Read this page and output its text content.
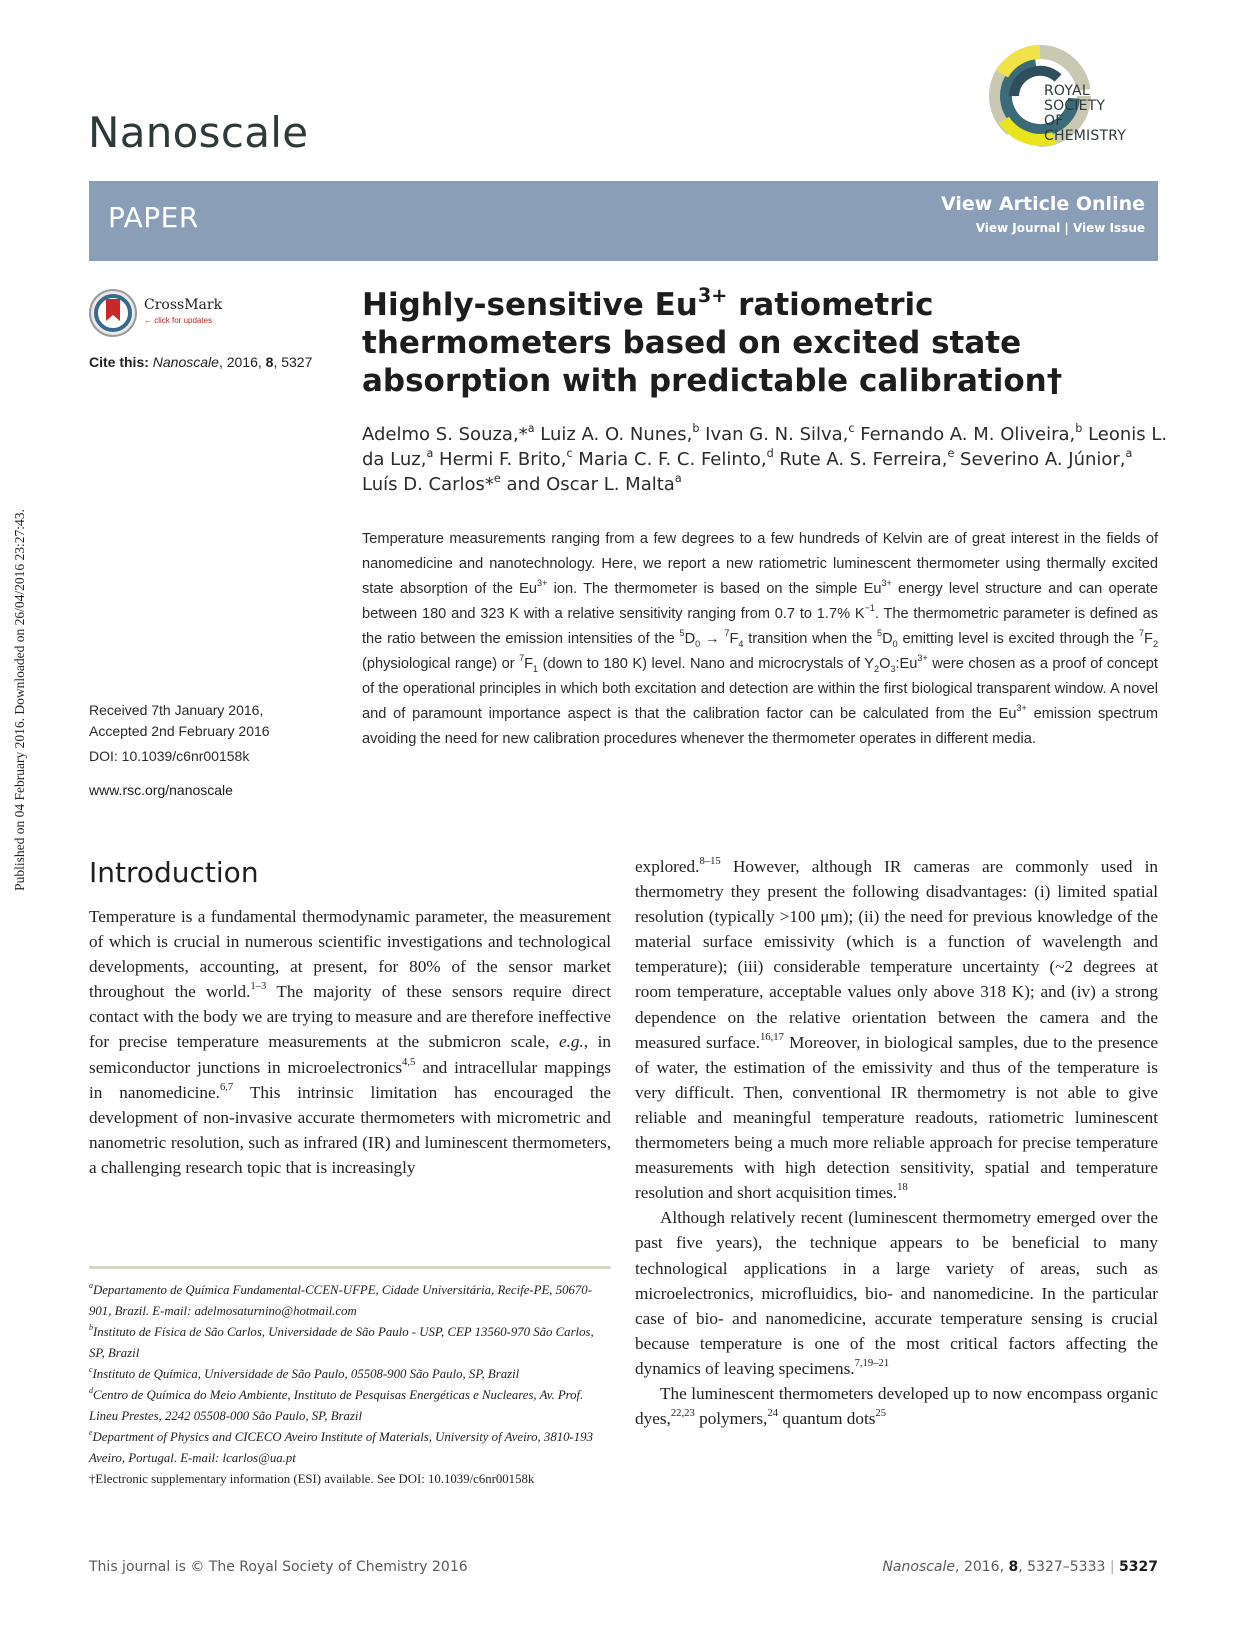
Published on 04 February 2016. Downloaded on 26/04/2016 23:27:43.
Nanoscale
ROYAL SOCIETY OF CHEMISTRY
PAPER	View Article Online
View Journal | View Issue
CrossMark
← click for updates
Cite this: Nanoscale, 2016, 8, 5327
Highly-sensitive $Eu^{3+}$ ratiometric thermometers based on excited state absorption with predictable calibration†
Adelmo S. Souza,*$^a$ Luiz A. O. Nunes,$^b$ Ivan G. N. Silva,$^c$ Fernando A. M. Oliveira,$^b$ Leonis L. da Luz,$^a$ Hermi F. Brito,$^c$ Maria C. F. C. Felinto,$^d$ Rute A. S. Ferreira,$^e$ Severino A. Júnior,$^a$ Luís D. Carlos*$^e$ and Oscar L. Malta$^a$
Temperature measurements ranging from a few degrees to a few hundreds of Kelvin are of great interest in the fields of nanomedicine and nanotechnology. Here, we report a new ratiometric luminescent thermometer using thermally excited state absorption of the $Eu^{3+}$ ion. The thermometer is based on the simple $Eu^{3+}$ energy level structure and can operate between 180 and 323 K with a relative sensitivity ranging from 0.7 to 1.7% $K^{-1}$. The thermometric parameter is defined as the ratio between the emission intensities of the $^5D_0 \to ^7F_4$ transition when the $^5D_0$ emitting level is excited through the $^7F_2$ (physiological range) or $^7F_1$ (down to 180 K) level. Nano and microcrystals of $Y_2O_3:Eu^{3+}$ were chosen as a proof of concept of the operational principles in which both excitation and detection are within the first biological transparent window. A novel and of paramount importance aspect is that the calibration factor can be calculated from the $Eu^{3+}$ emission spectrum avoiding the need for new calibration procedures whenever the thermometer operates in different media.
Received 7th January 2016,
Accepted 2nd February 2016
DOI: 10.1039/c6nr00158k
www.rsc.org/nanoscale
Introduction

Temperature is a fundamental thermodynamic parameter, the measurement of which is crucial in numerous scientific investigations and technological developments, accounting, at present, for 80% of the sensor market throughout the world.$^{1-3}$ The majority of these sensors require direct contact with the body we are trying to measure and are therefore ineffective for precise temperature measurements at the submicron scale, e.g., in semiconductor junctions in microelectronics$^{4,5}$ and intracellular mappings in nanomedicine.$^{6,7}$ This intrinsic limitation has encouraged the development of non-invasive accurate thermometers with micrometric and nanometric resolution, such as infrared (IR) and luminescent thermometers, a challenging research topic that is increasingly

$^a$Departamento de Química Fundamental-CCEN-UFPE, Cidade Universitária, Recife-PE, 50670-901, Brazil. E-mail: adelmosaturnino@hotmail.com

$^b$Instituto de Física de São Carlos, Universidade de São Paulo - USP, CEP 13560-970 São Carlos, SP, Brazil

$^c$Instituto de Química, Universidade de São Paulo, 05508-900 São Paulo, SP, Brazil

$^d$Centro de Química do Meio Ambiente, Instituto de Pesquisas Energéticas e Nucleares, Av. Prof. Lineu Prestes, 2242 05508-000 São Paulo, SP, Brazil

$^e$Department of Physics and CICECO Aveiro Institute of Materials, University of Aveiro, 3810-193 Aveiro, Portugal. E-mail: lcarlos@ua.pt

†Electronic supplementary information (ESI) available. See DOI: 10.1039/c6nr00158k

explored.$^{8-15}$ However, although IR cameras are commonly used in thermometry they present the following disadvantages: (i) limited spatial resolution (typically >100 μm); (ii) the need for previous knowledge of the material surface emissivity (which is a function of wavelength and temperature); (iii) considerable temperature uncertainty (~2 degrees at room temperature, acceptable values only above 318 K); and (iv) a strong dependence on the relative orientation between the camera and the measured surface.$^{16,17}$ Moreover, in biological samples, due to the presence of water, the estimation of the emissivity and thus of the temperature is very difficult. Then, conventional IR thermometry is not able to give reliable and meaningful temperature readouts, ratiometric luminescent thermometers being a much more reliable approach for precise temperature measurements with high detection sensitivity, spatial and temperature resolution and short acquisition times.$^{18}$

Although relatively recent (luminescent thermometry emerged over the past five years), the technique appears to be beneficial to many technological applications in a large variety of areas, such as microelectronics, microfluidics, bio- and nanomedicine. In the particular case of bio- and nanomedicine, accurate temperature sensing is crucial because temperature is one of the most critical factors affecting the dynamics of leaving specimens.$^{7,19-21}$

The luminescent thermometers developed up to now encompass organic dyes,$^{22,23}$ polymers,$^{24}$ quantum dots$^{25}$

This journal is © The Royal Society of Chemistry 2016	Nanoscale, 2016, 8, 5327–5333 | 5327
